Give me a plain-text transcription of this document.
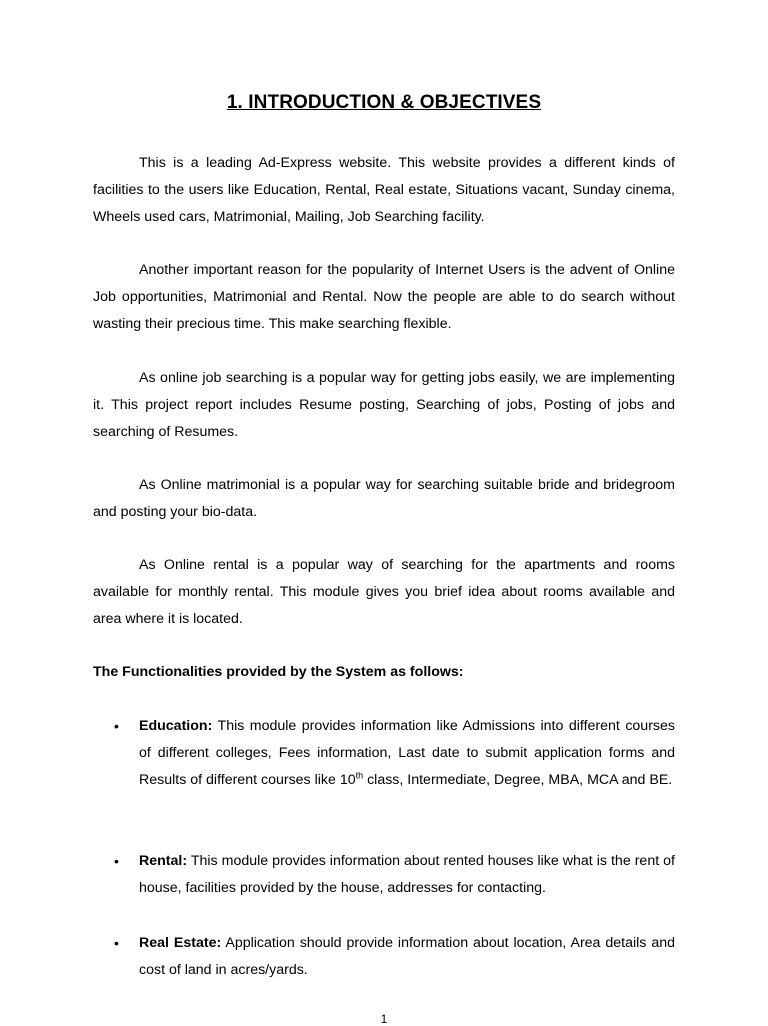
1. INTRODUCTION & OBJECTIVES

This is a leading Ad-Express website. This website provides a different kinds of facilities to the users like Education, Rental, Real estate, Situations vacant, Sunday cinema, Wheels used cars, Matrimonial, Mailing, Job Searching facility.

Another important reason for the popularity of Internet Users is the advent of Online Job opportunities, Matrimonial and Rental. Now the people are able to do search without wasting their precious time. This make searching flexible.

As online job searching is a popular way for getting jobs easily, we are implementing it. This project report includes Resume posting, Searching of jobs, Posting of jobs and searching of Resumes.

As Online matrimonial is a popular way for searching suitable bride and bridegroom and posting your bio-data.

As Online rental is a popular way of searching for the apartments and rooms available for monthly rental. This module gives you brief idea about rooms available and area where it is located.

The Functionalities provided by the System as follows:
•	Education: This module provides information like Admissions into different courses of different colleges, Fees information, Last date to submit application forms and Results of different courses like 10th class, Intermediate, Degree, MBA, MCA and BE.
•	Rental: This module provides information about rented houses like what is the rent of house, facilities provided by the house, addresses for contacting.
•	Real Estate: Application should provide information about location, Area details and cost of land in acres/yards.
1
